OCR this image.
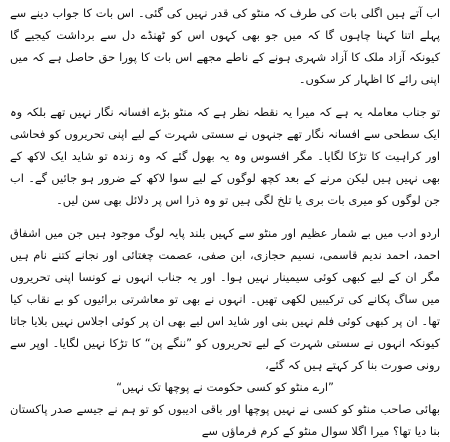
اب آتے ہیں اگلی بات کی طرف کہ منٹو کی قدر نہیں کی گئی۔ اس بات کا جواب دینے سے پہلے اتنا کہنا چاہوں گا کہ میں جو بھی کہوں اس کو ٹھنڈے دل سے برداشت کیجیے گا کیونکہ آزاد ملک کا آزاد شہری ہونے کے ناطے مجھے اس بات کا پورا حق حاصل ہے کہ میں اپنی رائے کا اظہار کر سکوں۔

تو جناب معاملہ یہ ہے کہ میرا یہ نقطہ نظر ہے کہ منٹو بڑے افسانہ نگار نہیں تھے بلکہ وہ ایک سطحی سے افسانہ نگار تھے جنہوں نے سستی شہرت کے لیے اپنی تحریروں کو فحاشی اور کراہیت کا تڑکا لگایا۔ مگر افسوس وہ یہ بھول گئے کہ وہ زندہ تو شاید ایک لاکھ کے بھی نہیں ہیں لیکن مرنے کے بعد کچھ لوگوں کے لیے سوا لاکھ کے ضرور ہو جائیں گے۔ اب جن لوگوں کو میری بات بری یا تلخ لگی ہیں تو وہ ذرا اس پر دلائل بھی سن لیں۔

اردو ادب میں بے شمار عظیم اور منٹو سے کہیں بلند پایہ لوگ موجود ہیں جن میں اشفاق احمد، احمد ندیم قاسمی، نسیم حجازی، ابن صفی، عصمت چغتائی اور نجانے کتنے نام ہیں مگر ان کے لیے کبھی کوئی سیمینار نہیں ہوا۔ اور یہ جناب انہوں نے کونسا اپنی تحریروں میں ساگ پکانے کی ترکیبیں لکھی تھیں۔ انہوں نے بھی تو معاشرتی برائیوں کو بے نقاب کیا تھا۔ ان پر کبھی کوئی فلم نہیں بنی اور شاید اس لیے بھی ان پر کوئی اجلاس نہیں بلایا جاتا کیونکہ انہوں نے سستی شہرت کے لیے تحریروں کو ”ننگے پن“ کا تڑکا نہیں لگایا۔ اوپر سے رونی صورت بنا کر کہتے ہیں کہ گئے،

”ارے منٹو کو کسی حکومت نے پوچھا تک نہیں“

بھائی صاحب منٹو کو کسی نے نہیں پوچھا اور باقی ادیبوں کو تو ہم نے جیسے صدر پاکستان بنا دیا تھا؟ میرا اگلا سوال منٹو کے کرم فرماؤں سے
